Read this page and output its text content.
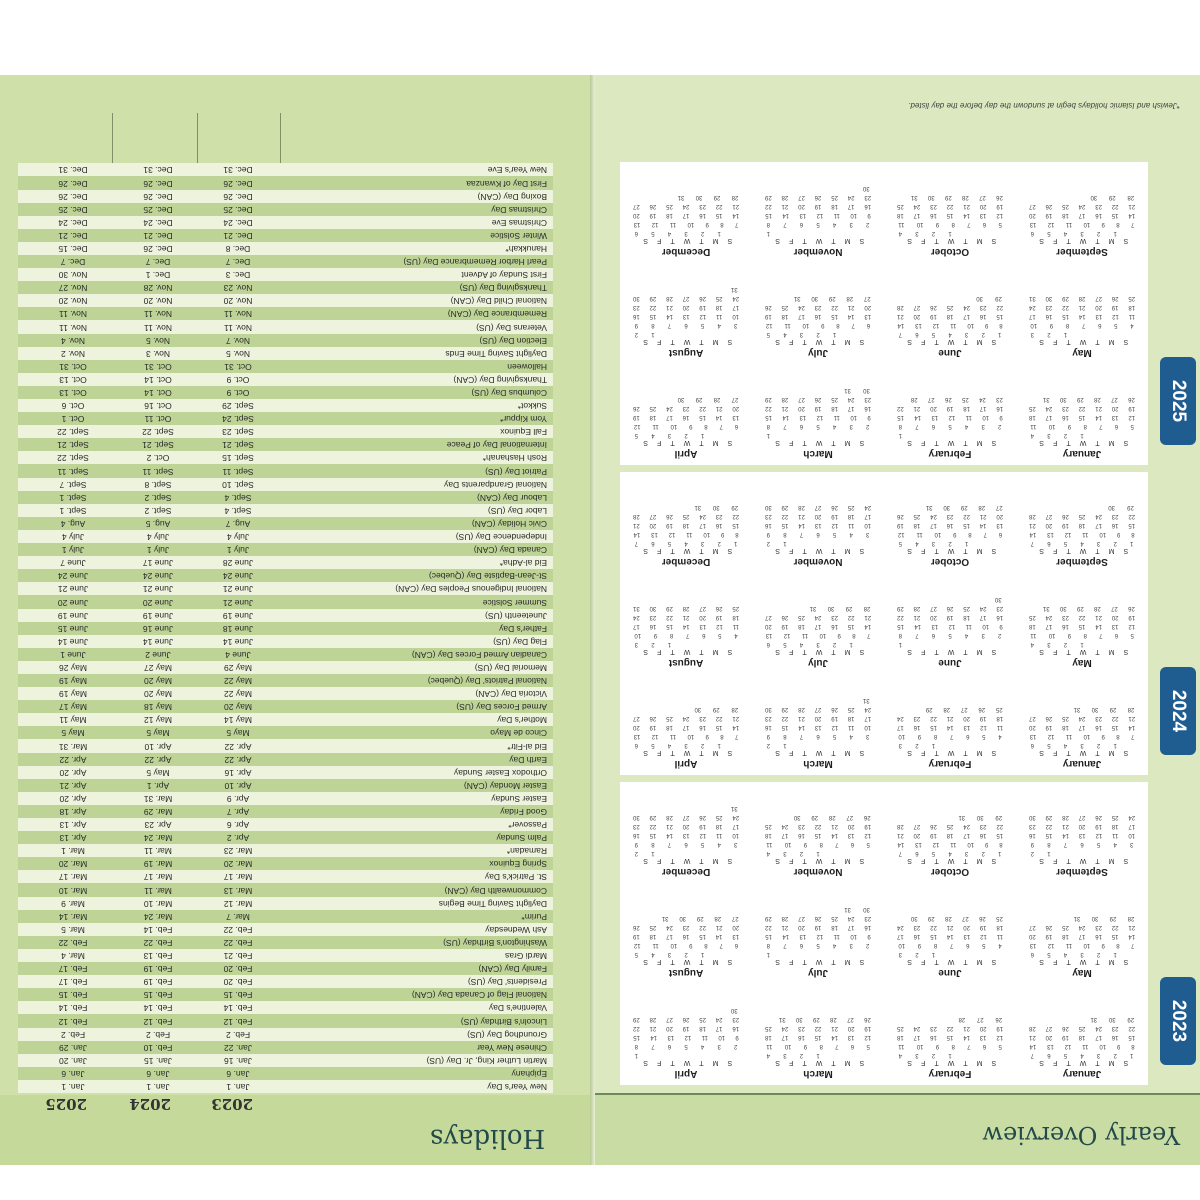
Holidays
2023
2024
2025
New Year's Day
Jan. 1
Jan. 1
Jan. 1
Epiphany
Jan. 6
Jan. 6
Jan. 6
Martin Luther King, Jr. Day (US)
Jan. 16
Jan. 15
Jan. 20
Chinese New Year
Jan. 22
Feb. 10
Jan. 29
Groundhog Day (US)
Feb. 2
Feb. 2
Feb. 2
Lincoln's Birthday (US)
Feb. 12
Feb. 12
Feb. 12
Valentine's Day
Feb. 14
Feb. 14
Feb. 14
National Flag of Canada Day (CAN)
Feb. 15
Feb. 15
Feb. 15
Presidents' Day (US)
Feb. 20
Feb. 19
Feb. 17
Family Day (CAN)
Feb. 20
Feb. 19
Feb. 17
Mardi Gras
Feb. 21
Feb. 13
Mar. 4
Washington's Birthday (US)
Feb. 22
Feb. 22
Feb. 22
Ash Wednesday
Feb. 22
Feb. 14
Mar. 5
Purim*
Mar. 7
Mar. 24
Mar. 14
Daylight Saving Time Begins
Mar. 12
Mar. 10
Mar. 9
Commonwealth Day (CAN)
Mar. 13
Mar. 11
Mar. 10
St. Patrick's Day
Mar. 17
Mar. 17
Mar. 17
Spring Equinox
Mar. 20
Mar. 19
Mar. 20
Ramadan*
Mar. 23
Mar. 11
Mar. 1
Palm Sunday
Apr. 2
Mar. 24
Apr. 13
Passover*
Apr. 6
Apr. 23
Apr. 13
Good Friday
Apr. 7
Mar. 29
Apr. 18
Easter Sunday
Apr. 9
Mar. 31
Apr. 20
Easter Monday (CAN)
Apr. 10
Apr. 1
Apr. 21
Orthodox Easter Sunday
Apr. 16
May 5
Apr. 20
Earth Day
Apr. 22
Apr. 22
Apr. 22
Eid al-Fitr*
Apr. 22
Apr. 10
Mar. 31
Cinco de Mayo
May 5
May 5
May 5
Mother's Day
May 14
May 12
May 11
Armed Forces Day (US)
May 20
May 18
May 17
Victoria Day (CAN)
May 22
May 20
May 19
National Patriots' Day (Quebec)
May 22
May 20
May 19
Memorial Day (US)
May 29
May 27
May 26
Canadian Armed Forces Day (CAN)
June 4
June 2
June 1
Flag Day (US)
June 14
June 14
June 14
Father's Day
June 18
June 16
June 15
Juneteenth (US)
June 19
June 19
June 19
Summer Solstice
June 21
June 20
June 20
National Indigenous Peoples Day (CAN)
June 21
June 21
June 21
St-Jean-Baptiste Day (Quebec)
June 24
June 24
June 24
Eid al-Adha*
June 28
June 17
June 7
Canada Day (CAN)
July 1
July 1
July 1
Independence Day (US)
July 4
July 4
July 4
Civic Holiday (CAN)
Aug. 7
Aug. 5
Aug. 4
Labor Day (US)
Sept. 4
Sept. 2
Sept. 1
Labour Day (CAN)
Sept. 4
Sept. 2
Sept. 1
National Grandparents Day
Sept. 10
Sept. 8
Sept. 7
Patriot Day (US)
Sept. 11
Sept. 11
Sept. 11
Rosh Hashanah*
Sept. 15
Oct. 2
Sept. 22
International Day of Peace
Sept. 21
Sept. 21
Sept. 21
Fall Equinox
Sept. 23
Sept. 22
Sept. 22
Yom Kippur*
Sept. 24
Oct. 11
Oct. 1
Sukkot*
Sept. 29
Oct. 16
Oct. 6
Columbus Day (US)
Oct. 9
Oct. 14
Oct. 13
Thanksgiving Day (CAN)
Oct. 9
Oct. 14
Oct. 13
Halloween
Oct. 31
Oct. 31
Oct. 31
Daylight Saving Time Ends
Nov. 5
Nov. 3
Nov. 2
Election Day (US)
Nov. 7
Nov. 5
Nov. 4
Veterans Day (US)
Nov. 11
Nov. 11
Nov. 11
Remembrance Day (CAN)
Nov. 11
Nov. 11
Nov. 11
National Child Day (CAN)
Nov. 20
Nov. 20
Nov. 20
Thanksgiving Day (US)
Nov. 23
Nov. 28
Nov. 27
First Sunday of Advent
Dec. 3
Dec. 1
Nov. 30
Pearl Harbor Remembrance Day (US)
Dec. 7
Dec. 7
Dec. 7
Hanukkah*
Dec. 8
Dec. 26
Dec. 15
Winter Solstice
Dec. 21
Dec. 21
Dec. 21
Christmas Eve
Dec. 24
Dec. 24
Dec. 24
Christmas Day
Dec. 25
Dec. 25
Dec. 25
Boxing Day (CAN)
Dec. 26
Dec. 26
Dec. 26
First Day of Kwanzaa
Dec. 26
Dec. 26
Dec. 26
New Year's Eve
Dec. 31
Dec. 31
Dec. 31
Yearly Overview
January
S M T W T F S
1
2
3
4
5
6
7
8
9
10
11
12
13
14
15
16
17
18
19
20
21
22
23
24
25
26
27
28
29
30
31

February
S M T W T F S

1
2
3
4
5
6
7
8
9
10
11
12
13
14
15
16
17
18
19
20
21
22
23
24
25
26
27
28

March
S M T W T F S

1
2
3
4
5
6
7
8
9
10
11
12
13
14
15
16
17
18
19
20
21
22
23
24
25
26
27
28
29
30
31

April
S M T W T F S

1
2
3
4
5
6
7
8
9
10
11
12
13
14
15
16
17
18
19
20
21
22
23
24
25
26
27
28
29
30

May
S M T W T F S

1
2
3
4
5
6
7
8
9
10
11
12
13
14
15
16
17
18
19
20
21
22
23
24
25
26
27
28
29
30
31

June
S M T W T F S

1
2
3
4
5
6
7
8
9
10
11
12
13
14
15
16
17
18
19
20
21
22
23
24
25
26
27
28
29
30

July
S M T W T F S

1
2
3
4
5
6
7
8
9
10
11
12
13
14
15
16
17
18
19
20
21
22
23
24
25
26
27
28
29
30
31

August
S M T W T F S

1
2
3
4
5
6
7
8
9
10
11
12
13
14
15
16
17
18
19
20
21
22
23
24
25
26
27
28
29
30
31

September
S M T W T F S

1
2
3
4
5
6
7
8
9
10
11
12
13
14
15
16
17
18
19
20
21
22
23
24
25
26
27
28
29
30
October
S M T W T F S
1
2
3
4
5
6
7
8
9
10
11
12
13
14
15
16
17
18
19
20
21
22
23
24
25
26
27
28
29
30
31

November
S M T W T F S

1
2
3
4
5
6
7
8
9
10
11
12
13
14
15
16
17
18
19
20
21
22
23
24
25
26
27
28
29
30

December
S M T W T F S

1
2
3
4
5
6
7
8
9
10
11
12
13
14
15
16
17
18
19
20
21
22
23
24
25
26
27
28
29
30
31

2023
January
S M T W T F S

1
2
3
4
5
6
7
8
9
10
11
12
13
14
15
16
17
18
19
20
21
22
23
24
25
26
27
28
29
30
31

February
S M T W T F S

1
2
3
4
5
6
7
8
9
10
11
12
13
14
15
16
17
18
19
20
21
22
23
24
25
26
27
28
29

March
S M T W T F S

1
2
3
4
5
6
7
8
9
10
11
12
13
14
15
16
17
18
19
20
21
22
23
24
25
26
27
28
29
30
31

April
S M T W T F S

1
2
3
4
5
6
7
8
9
10
11
12
13
14
15
16
17
18
19
20
21
22
23
24
25
26
27
28
29
30

May
S M T W T F S

1
2
3
4
5
6
7
8
9
10
11
12
13
14
15
16
17
18
19
20
21
22
23
24
25
26
27
28
29
30
31

June
S M T W T F S

1
2
3
4
5
6
7
8
9
10
11
12
13
14
15
16
17
18
19
20
21
22
23
24
25
26
27
28
29
30

July
S M T W T F S

1
2
3
4
5
6
7
8
9
10
11
12
13
14
15
16
17
18
19
20
21
22
23
24
25
26
27
28
29
30
31

August
S M T W T F S

1
2
3
4
5
6
7
8
9
10
11
12
13
14
15
16
17
18
19
20
21
22
23
24
25
26
27
28
29
30
31
September
S M T W T F S
1
2
3
4
5
6
7
8
9
10
11
12
13
14
15
16
17
18
19
20
21
22
23
24
25
26
27
28
29
30

October
S M T W T F S

1
2
3
4
5
6
7
8
9
10
11
12
13
14
15
16
17
18
19
20
21
22
23
24
25
26
27
28
29
30
31

November
S M T W T F S

1
2
3
4
5
6
7
8
9
10
11
12
13
14
15
16
17
18
19
20
21
22
23
24
25
26
27
28
29
30
December
S M T W T F S
1
2
3
4
5
6
7
8
9
10
11
12
13
14
15
16
17
18
19
20
21
22
23
24
25
26
27
28
29
30
31

2024
January
S M T W T F S

1
2
3
4
5
6
7
8
9
10
11
12
13
14
15
16
17
18
19
20
21
22
23
24
25
26
27
28
29
30
31

February
S M T W T F S

1
2
3
4
5
6
7
8
9
10
11
12
13
14
15
16
17
18
19
20
21
22
23
24
25
26
27
28

March
S M T W T F S

1
2
3
4
5
6
7
8
9
10
11
12
13
14
15
16
17
18
19
20
21
22
23
24
25
26
27
28
29
30
31

April
S M T W T F S

1
2
3
4
5
6
7
8
9
10
11
12
13
14
15
16
17
18
19
20
21
22
23
24
25
26
27
28
29
30

May
S M T W T F S

1
2
3
4
5
6
7
8
9
10
11
12
13
14
15
16
17
18
19
20
21
22
23
24
25
26
27
28
29
30
31
June
S M T W T F S
1
2
3
4
5
6
7
8
9
10
11
12
13
14
15
16
17
18
19
20
21
22
23
24
25
26
27
28
29
30

July
S M T W T F S

1
2
3
4
5
6
7
8
9
10
11
12
13
14
15
16
17
18
19
20
21
22
23
24
25
26
27
28
29
30
31

August
S M T W T F S

1
2
3
4
5
6
7
8
9
10
11
12
13
14
15
16
17
18
19
20
21
22
23
24
25
26
27
28
29
30
31

September
S M T W T F S

1
2
3
4
5
6
7
8
9
10
11
12
13
14
15
16
17
18
19
20
21
22
23
24
25
26
27
28
29
30

October
S M T W T F S

1
2
3
4
5
6
7
8
9
10
11
12
13
14
15
16
17
18
19
20
21
22
23
24
25
26
27
28
29
30
31

November
S M T W T F S

1
2
3
4
5
6
7
8
9
10
11
12
13
14
15
16
17
18
19
20
21
22
23
24
25
26
27
28
29
30

December
S M T W T F S

1
2
3
4
5
6
7
8
9
10
11
12
13
14
15
16
17
18
19
20
21
22
23
24
25
26
27
28
29
30
31

2025
*Jewish and Islamic holidays begin at sundown the day before the day listed.
